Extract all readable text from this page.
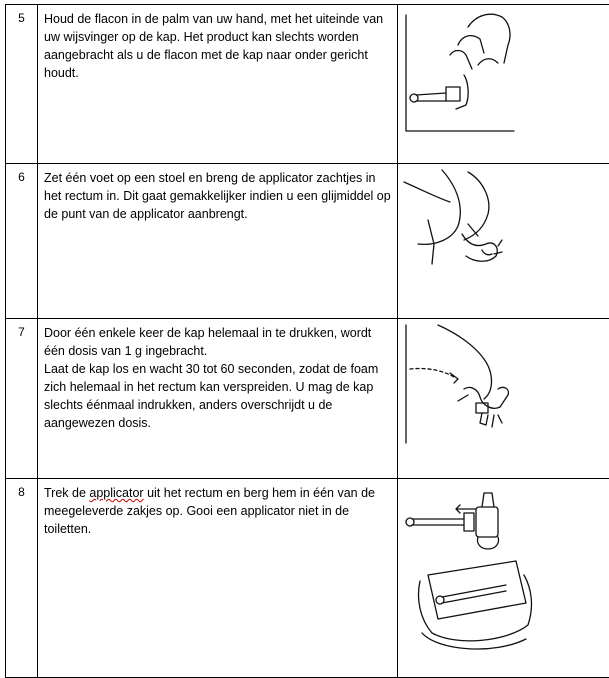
5	Houd de flacon in de palm van uw hand, met het uiteinde van uw wijsvinger op de kap. Het product kan slechts worden aangebracht als u de flacon met de kap naar onder gericht houdt.	

6	Zet één voet op een stoel en breng de applicator zachtjes in het rectum in. Dit gaat gemakkelijker indien u een glijmiddel op de punt van de applicator aanbrengt.	

7	Door één enkele keer de kap helemaal in te drukken, wordt één dosis van 1 g ingebracht.
Laat de kap los en wacht 30 tot 60 seconden, zodat de foam zich helemaal in het rectum kan verspreiden. U mag de kap slechts éénmaal indrukken, anders overschrijdt u de aangewezen dosis.	

8	Trek de applicator uit het rectum en berg hem in één van de meegeleverde zakjes op. Gooi een applicator niet in de toiletten.	
